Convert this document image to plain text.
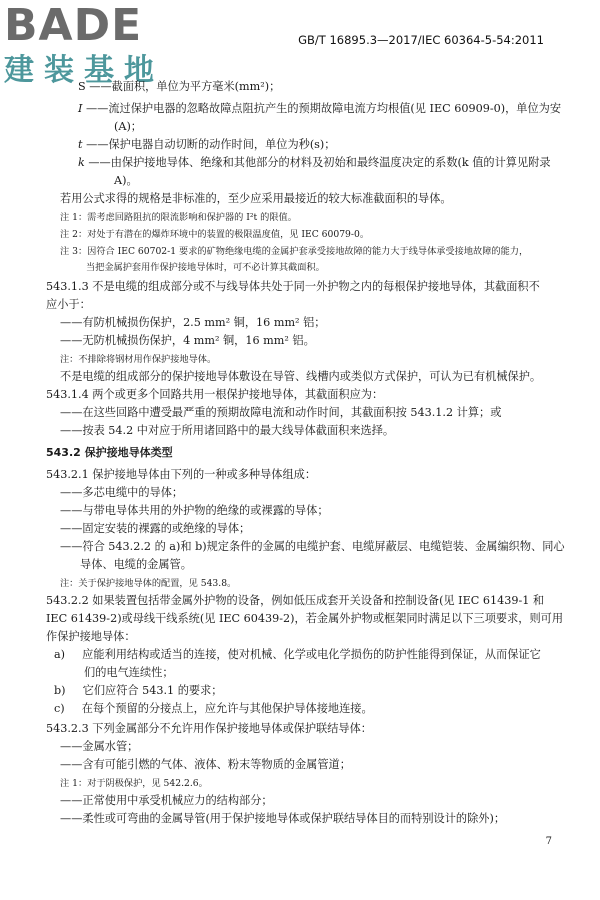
BADE
建装基地
GB/T 16895.3—2017/IEC 60364-5-54:2011
S ——截面积，单位为平方毫米(mm²)；
I ——流过保护电器的忽略故障点阻抗产生的预期故障电流方均根值(见 IEC 60909-0)，单位为安
(A)；
t ——保护电器自动切断的动作时间，单位为秒(s)；
k ——由保护接地导体、绝缘和其他部分的材料及初始和最终温度决定的系数(k 值的计算见附录
A)。
若用公式求得的规格是非标准的，至少应采用最接近的较大标准截面积的导体。
注 1：需考虑回路阻抗的限流影响和保护器的 I²t 的限值。
注 2：对处于有潜在的爆炸环境中的装置的极限温度值，见 IEC 60079-0。
注 3：因符合 IEC 60702-1 要求的矿物绝缘电缆的金属护套承受接地故障的能力大于线导体承受接地故障的能力，
当把金属护套用作保护接地导体时，可不必计算其截面积。
543.1.3 不是电缆的组成部分或不与线导体共处于同一外护物之内的每根保护接地导体，其截面积不
应小于：
——有防机械损伤保护，2.5 mm² 铜，16 mm² 铝；
——无防机械损伤保护，4 mm² 铜，16 mm² 铝。
注：不排除将钢材用作保护接地导体。
不是电缆的组成部分的保护接地导体敷设在导管、线槽内或类似方式保护，可认为已有机械保护。
543.1.4 两个或更多个回路共用一根保护接地导体，其截面积应为：
——在这些回路中遭受最严重的预期故障电流和动作时间，其截面积按 543.1.2 计算；或
——按表 54.2 中对应于所用诸回路中的最大线导体截面积来选择。
543.2 保护接地导体类型
543.2.1 保护接地导体由下列的一种或多种导体组成：
——多芯电缆中的导体；
——与带电导体共用的外护物的绝缘的或裸露的导体；
——固定安装的裸露的或绝缘的导体；
——符合 543.2.2 的 a)和 b)规定条件的金属的电缆护套、电缆屏蔽层、电缆铠装、金属编织物、同心
导体、电缆的金属管。
注：关于保护接地导体的配置，见 543.8。
543.2.2 如果装置包括带金属外护物的设备，例如低压成套开关设备和控制设备(见 IEC 61439-1 和
IEC 61439-2)或母线干线系统(见 IEC 60439-2)，若金属外护物或框架同时满足以下三项要求，则可用
作保护接地导体：
a) 应能利用结构或适当的连接，使对机械、化学或电化学损伤的防护性能得到保证，从而保证它
们的电气连续性；
b) 它们应符合 543.1 的要求；
c) 在每个预留的分接点上，应允许与其他保护导体接地连接。
543.2.3 下列金属部分不允许用作保护接地导体或保护联结导体：
——金属水管；
——含有可能引燃的气体、液体、粉末等物质的金属管道；
注 1：对于阴极保护，见 542.2.6。
——正常使用中承受机械应力的结构部分；
——柔性或可弯曲的金属导管(用于保护接地导体或保护联结导体目的而特别设计的除外)；
7
